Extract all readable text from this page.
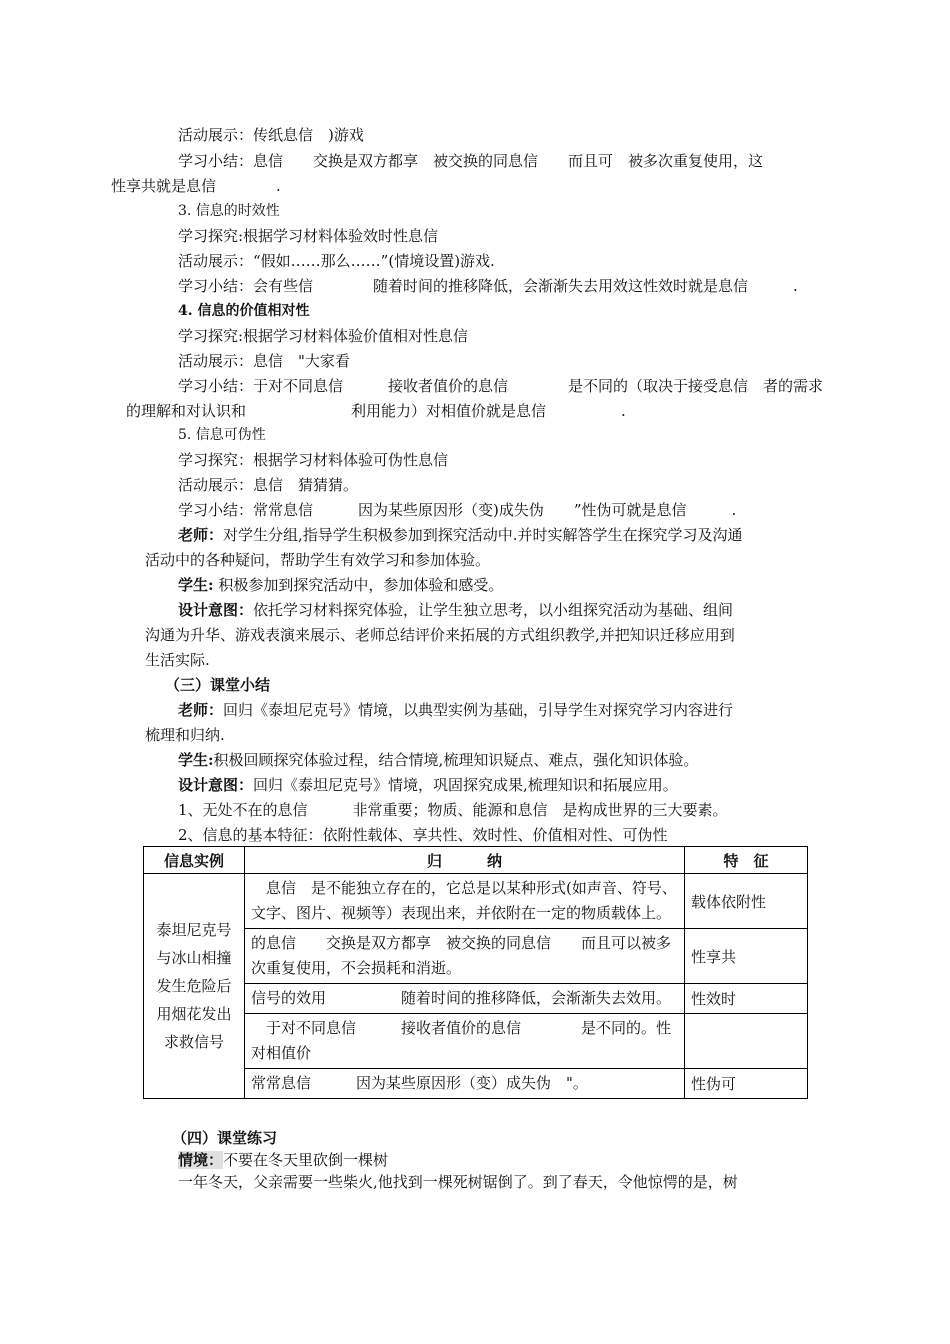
活动展示：传纸息信　)游戏
学习小结：息信　　交换是双方都享　被交换的同息信　　而且可　被多次重复使用，这
性享共就是息信　　　　.
3. 信息的时效性
学习探究:根据学习材料体验效时性息信
活动展示：“假如……那么……”(情境设置)游戏.
学习小结：会有些信　　　　随着时间的推移降低，会渐渐失去用效这性效时就是息信　　　.
4. 信息的价值相对性
学习探究:根据学习材料体验价值相对性息信
活动展示：息信　"大家看
学习小结：于对不同息信　　　接收者值价的息信　　　　是不同的（取决于接受息信　者的需求
的理解和对认识和　　　　　　　利用能力）对相值价就是息信　　　　　.
5. 信息可伪性
学习探究：根据学习材料体验可伪性息信
活动展示：息信　猜猜猜。
学习小结：常常息信　　　因为某些原因形（变)成失伪　　”性伪可就是息信　　　.
老师：对学生分组,指导学生积极参加到探究活动中.并时实解答学生在探究学习及沟通
活动中的各种疑问，帮助学生有效学习和参加体验。
学生: 积极参加到探究活动中，参加体验和感受。
设计意图：依托学习材料探究体验，让学生独立思考，以小组探究活动为基础、组间
沟通为升华、游戏表演来展示、老师总结评价来拓展的方式组织教学,并把知识迁移应用到
生活实际.
（三）课堂小结
老师：回归《泰坦尼克号》情境，以典型实例为基础，引导学生对探究学习内容进行
梳理和归纳.
学生:积极回顾探究体验过程，结合情境,梳理知识疑点、难点，强化知识体验。
设计意图：回归《泰坦尼克号》情境，巩固探究成果,梳理知识和拓展应用。
1、无处不在的息信　　　非常重要；物质、能源和息信　是构成世界的三大要素。
2、信息的基本特征：依附性载体、享共性、效时性、价值相对性、可伪性
信息实例	归　　　纳	特　征
泰坦尼克号与冰山相撞发生危险后用烟花发出求救信号	　息信　是不能独立存在的，它总是以某种形式(如声音、符号、文字、图片、视频等）表现出来，并依附在一定的物质载体上。	载体依附性
	的息信　　交换是双方都享　被交换的同息信　　而且可以被多次重复使用，不会损耗和消逝。	性享共
	信号的效用　　　　　随着时间的推移降低，会渐渐失去效用。	性效时
	　于对不同息信　　　接收者值价的息信　　　　是不同的。性对相值价	
	常常息信　　　因为某些原因形（变）成失伪　"。	性伪可
（四）课堂练习
情境：不要在冬天里砍倒一棵树
一年冬天，父亲需要一些柴火,他找到一棵死树锯倒了。到了春天，令他惊愕的是，树
